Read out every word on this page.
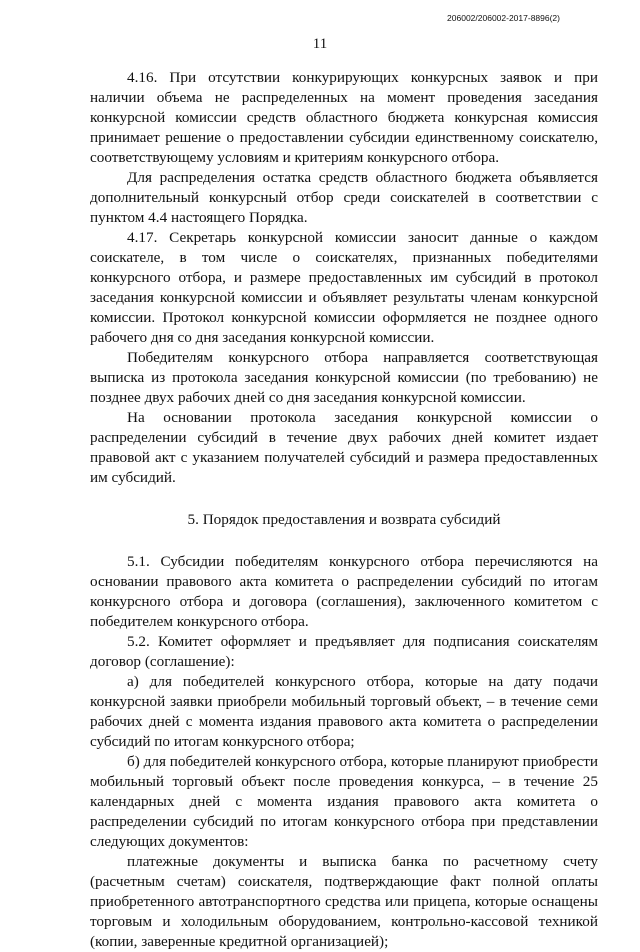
206002/206002-2017-8896(2)
11

4.16. При отсутствии конкурирующих конкурсных заявок и при наличии объема не распределенных на момент проведения заседания конкурсной комиссии средств областного бюджета конкурсная комиссия принимает решение о предоставлении субсидии единственному соискателю, соответствующему условиям и критериям конкурсного отбора.

Для распределения остатка средств областного бюджета объявляется дополнительный конкурсный отбор среди соискателей в соответствии с пунктом 4.4 настоящего Порядка.

4.17. Секретарь конкурсной комиссии заносит данные о каждом соискателе, в том числе о соискателях, признанных победителями конкурсного отбора, и размере предоставленных им субсидий в протокол заседания конкурсной комиссии и объявляет результаты членам конкурсной комиссии. Протокол конкурсной комиссии оформляется не позднее одного рабочего дня со дня заседания конкурсной комиссии.

Победителям конкурсного отбора направляется соответствующая выписка из протокола заседания конкурсной комиссии (по требованию) не позднее двух рабочих дней со дня заседания конкурсной комиссии.

На основании протокола заседания конкурсной комиссии о распределении субсидий в течение двух рабочих дней комитет издает правовой акт с указанием получателей субсидий и размера предоставленных им субсидий.

5. Порядок предоставления и возврата субсидий

5.1. Субсидии победителям конкурсного отбора перечисляются на основании правового акта комитета о распределении субсидий по итогам конкурсного отбора и договора (соглашения), заключенного комитетом с победителем конкурсного отбора.

5.2. Комитет оформляет и предъявляет для подписания соискателям договор (соглашение):

а) для победителей конкурсного отбора, которые на дату подачи конкурсной заявки приобрели мобильный торговый объект, – в течение семи рабочих дней с момента издания правового акта комитета о распределении субсидий по итогам конкурсного отбора;

б) для победителей конкурсного отбора, которые планируют приобрести мобильный торговый объект после проведения конкурса, – в течение 25 календарных дней с момента издания правового акта комитета о распределении субсидий по итогам конкурсного отбора при представлении следующих документов:

платежные документы и выписка банка по расчетному счету (расчетным счетам) соискателя, подтверждающие факт полной оплаты приобретенного автотранспортного средства или прицепа, которые оснащены торговым и холодильным оборудованием, контрольно-кассовой техникой (копии, заверенные кредитной организацией);
